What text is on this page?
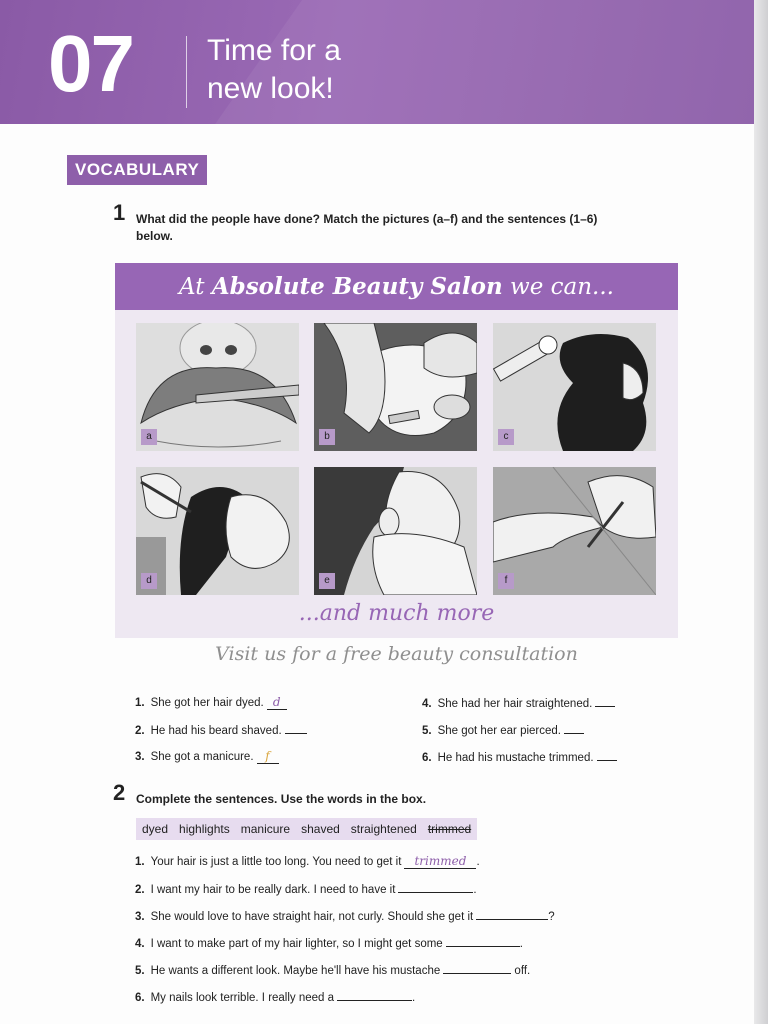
07 Time for a
new look!
VOCABULARY
1 What did the people have done? Match the pictures (a–f) and the sentences (1–6) below.
At Absolute Beauty Salon we can...
a	b	c
d	e	f
...and much more
Visit us for a free beauty consultation
1. She got her hair dyed. d
2. He had his beard shaved.
3. She got a manicure. f
4. She had her hair straightened.
5. She got her ear pierced.
6. He had his mustache trimmed.
2 Complete the sentences. Use the words in the box.
dyed highlights manicure shaved straightened trimmed
1. Your hair is just a little too long. You need to get it trimmed .
2. I want my hair to be really dark. I need to have it	.
3. She would love to have straight hair, not curly. Should she get it	?
4. I want to make part of my hair lighter, so I might get some	.
5. He wants a different look. Maybe he'll have his mustache	off.
6. My nails look terrible. I really need a	.
